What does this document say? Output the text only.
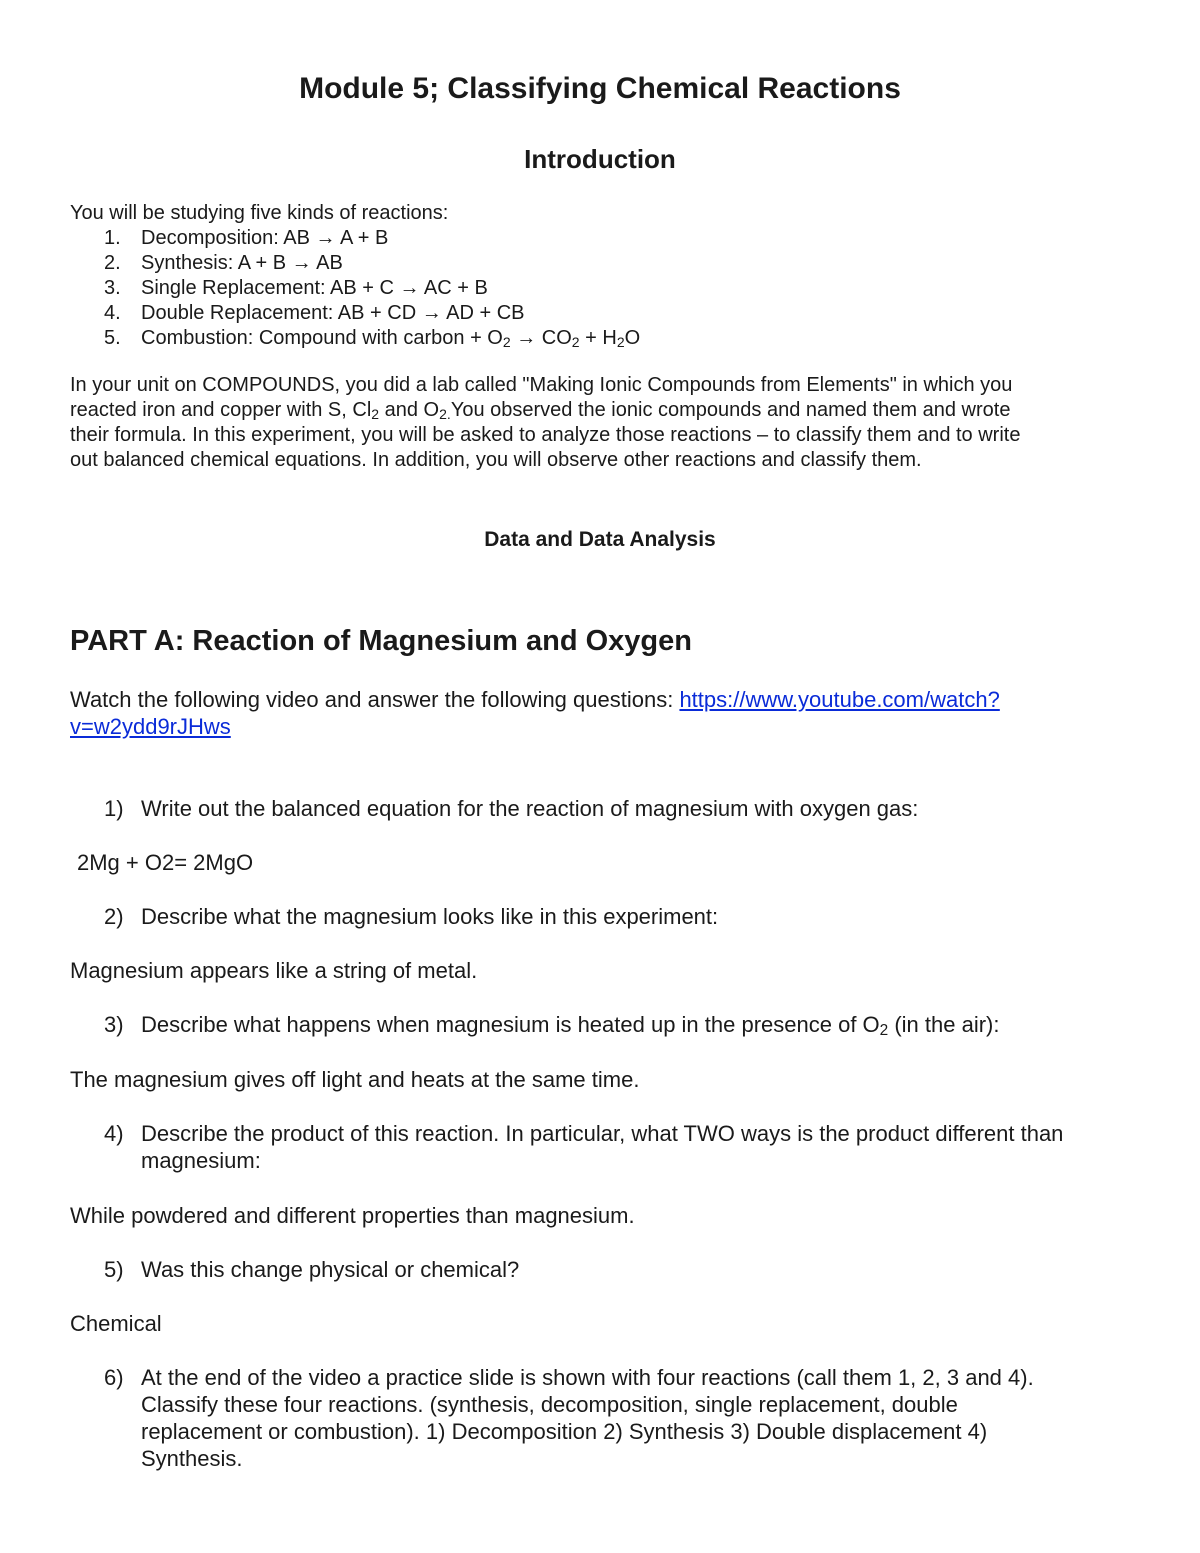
Module 5; Classifying Chemical Reactions
Introduction
You will be studying five kinds of reactions:
1. Decomposition: AB → A + B
2. Synthesis: A + B → AB
3. Single Replacement: AB + C → AC + B
4. Double Replacement: AB + CD → AD + CB
5. Combustion: Compound with carbon + $O_2 \to CO_2 + H_2O$
In your unit on COMPOUNDS, you did a lab called "Making Ionic Compounds from Elements" in which you
reacted iron and copper with S, $Cl_2$ and $O_{2.}You$ observed the ionic compounds and named them and wrote
their formula. In this experiment, you will be asked to analyze those reactions – to classify them and to write
out balanced chemical equations. In addition, you will observe other reactions and classify them.
Data and Data Analysis
PART A: Reaction of Magnesium and Oxygen
Watch the following video and answer the following questions: https://www.youtube.com/watch?
v=w2ydd9rJHws
1) Write out the balanced equation for the reaction of magnesium with oxygen gas:
2Mg + O2= 2MgO
2) Describe what the magnesium looks like in this experiment:
Magnesium appears like a string of metal.
3) Describe what happens when magnesium is heated up in the presence of $O_2$ (in the air):
The magnesium gives off light and heats at the same time.
4) Describe the product of this reaction. In particular, what TWO ways is the product different than
magnesium:
While powdered and different properties than magnesium.
5) Was this change physical or chemical?
Chemical
6) At the end of the video a practice slide is shown with four reactions (call them 1, 2, 3 and 4).
Classify these four reactions. (synthesis, decomposition, single replacement, double
replacement or combustion). 1) Decomposition 2) Synthesis 3) Double displacement 4)
Synthesis.
